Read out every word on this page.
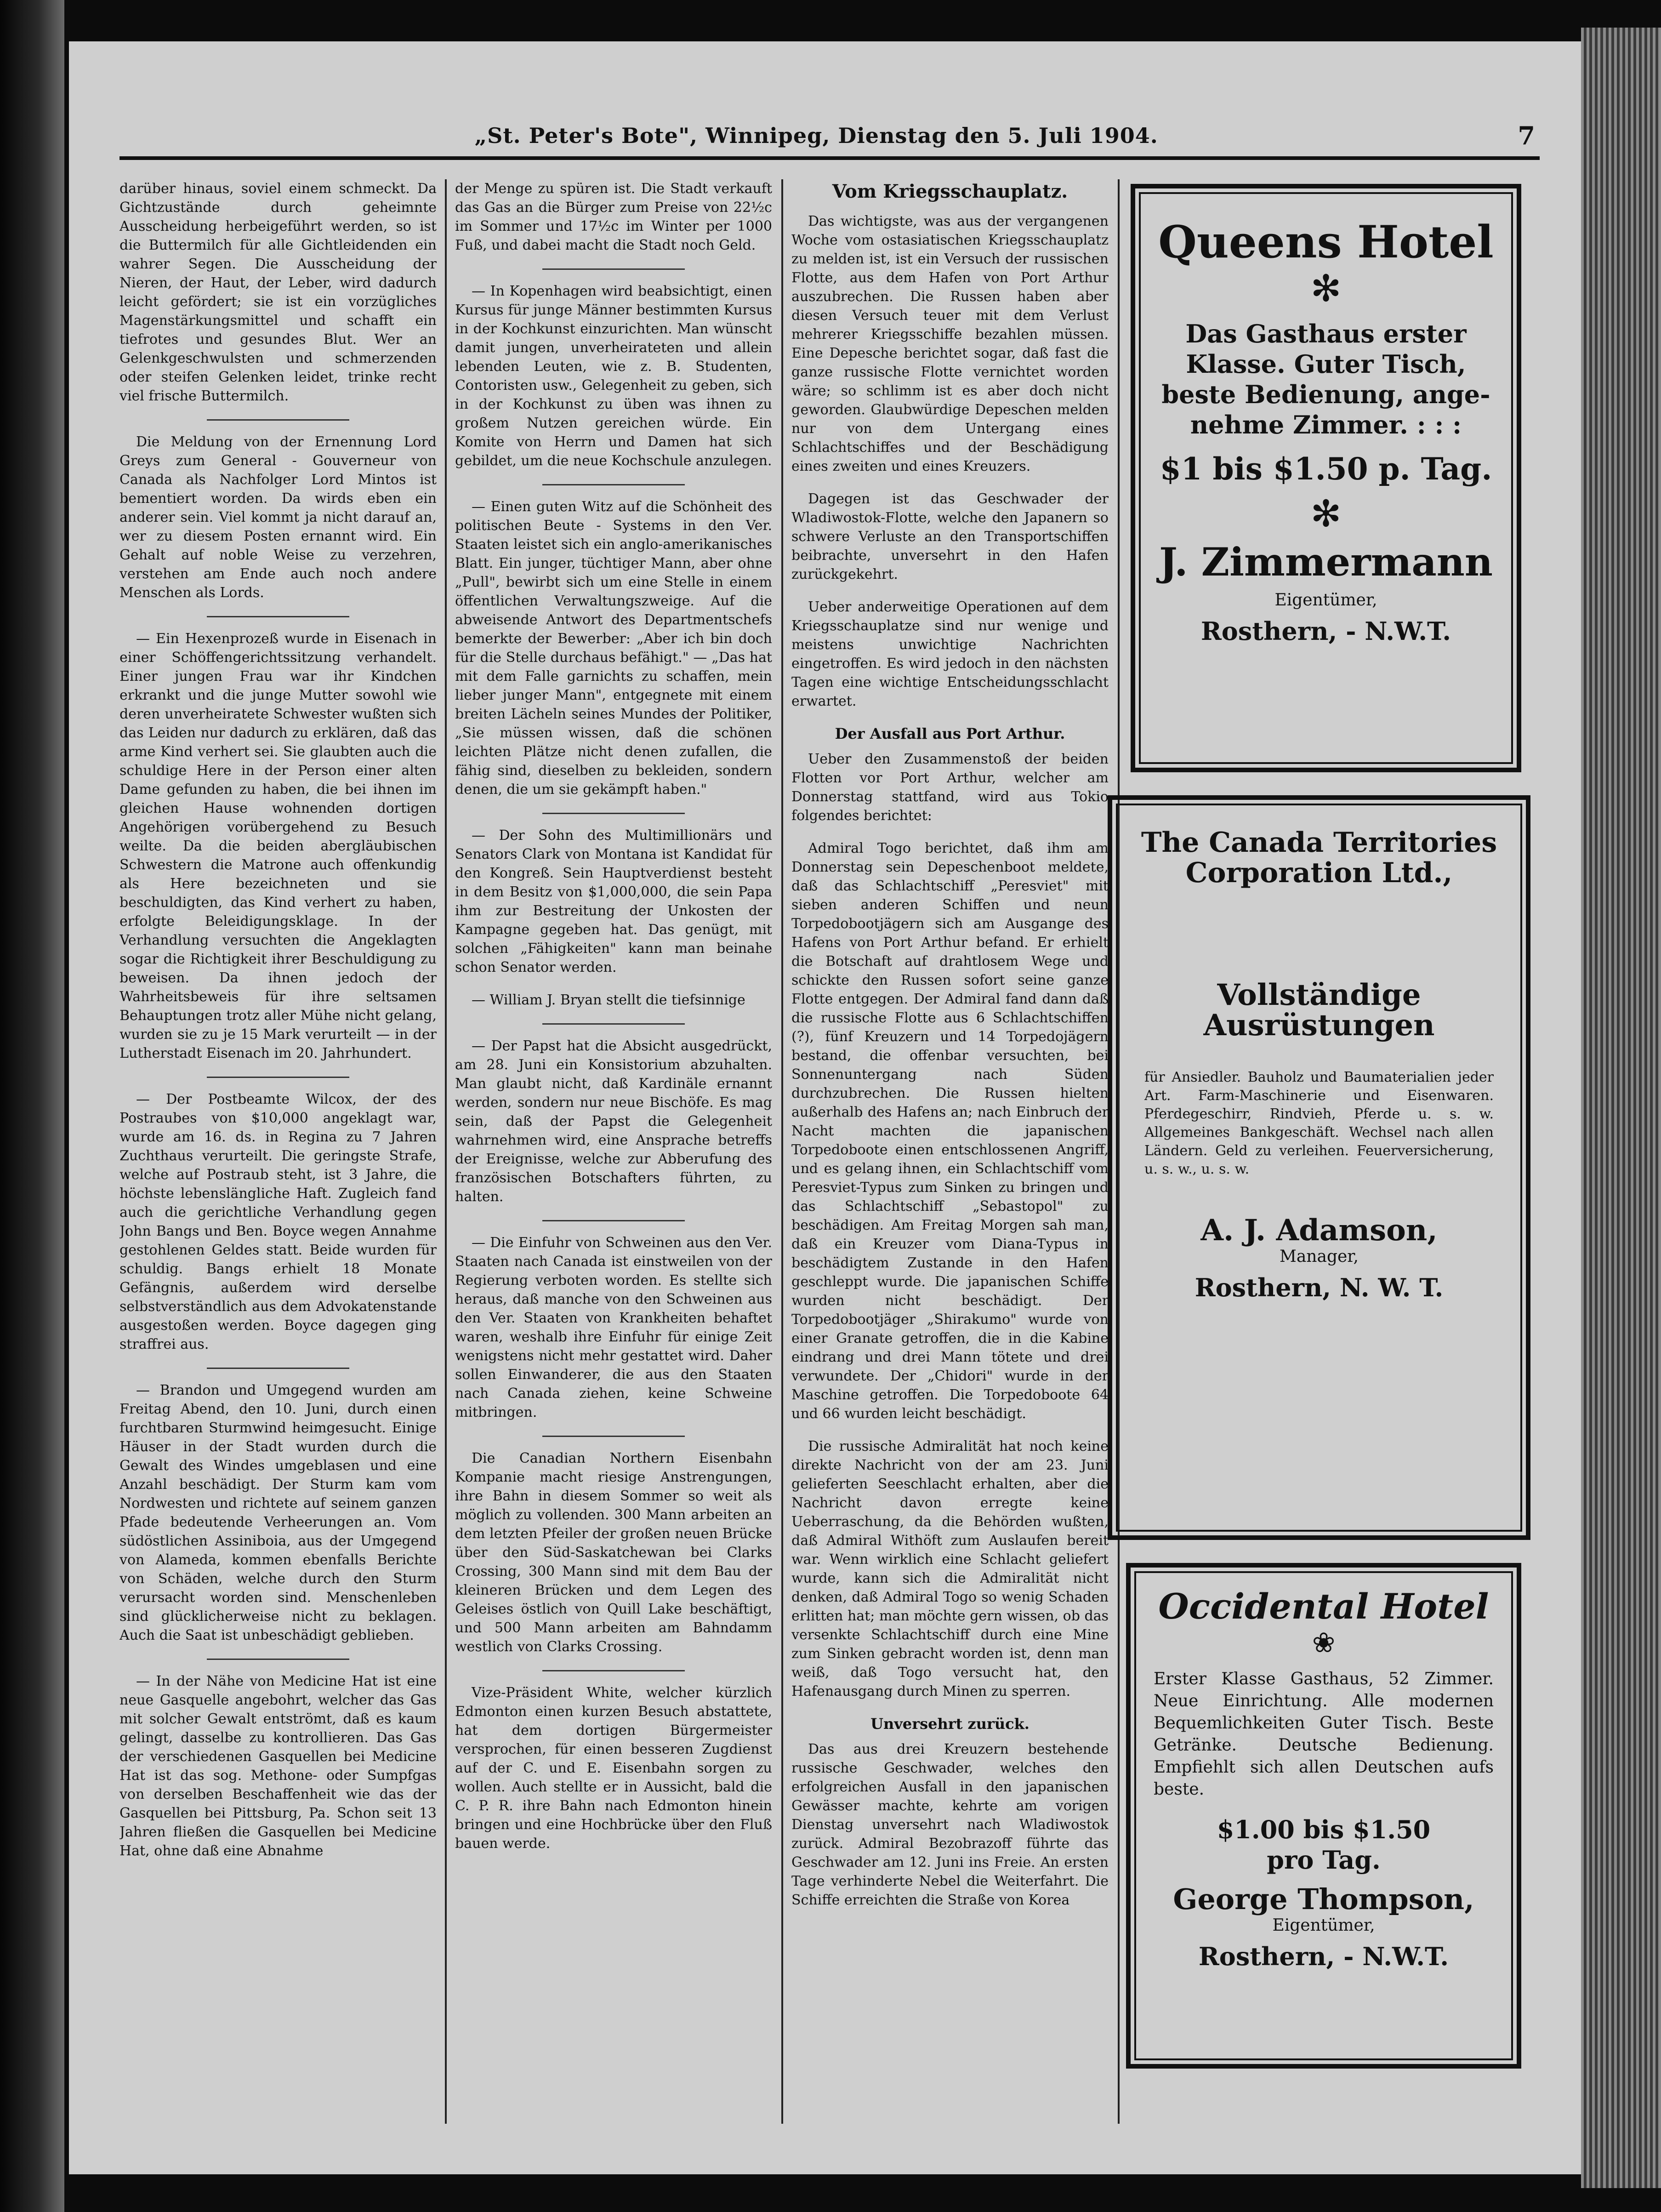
„St. Peter's Bote", Winnipeg, Dienstag den 5. Juli 1904.	7

darüber hinaus, soviel einem schmeckt. Da Gichtzustände durch geheimnte Ausscheidung herbeigeführt werden, so ist die Buttermilch für alle Gichtleidenden ein wahrer Segen. Die Ausscheidung der Nieren, der Haut, der Leber, wird dadurch leicht gefördert; sie ist ein vorzügliches Magenstärkungsmittel und schafft ein tiefrotes und gesundes Blut. Wer an Gelenkgeschwulsten und schmerzenden oder steifen Gelenken leidet, trinke recht viel frische Buttermilch.

Die Meldung von der Ernennung Lord Greys zum General - Gouverneur von Canada als Nachfolger Lord Mintos ist bementiert worden. Da wirds eben ein anderer sein. Viel kommt ja nicht darauf an, wer zu diesem Posten ernannt wird. Ein Gehalt auf noble Weise zu verzehren, verstehen am Ende auch noch andere Menschen als Lords.

— Ein Hexenprozeß wurde in Eisenach in einer Schöffengerichtssitzung verhandelt. Einer jungen Frau war ihr Kindchen erkrankt und die junge Mutter sowohl wie deren unverheiratete Schwester wußten sich das Leiden nur dadurch zu erklären, daß das arme Kind verhert sei. Sie glaubten auch die schuldige Here in der Person einer alten Dame gefunden zu haben, die bei ihnen im gleichen Hause wohnenden dortigen Angehörigen vorübergehend zu Besuch weilte. Da die beiden abergläubischen Schwestern die Matrone auch offenkundig als Here bezeichneten und sie beschuldigten, das Kind verhert zu haben, erfolgte Beleidigungsklage. In der Verhandlung versuchten die Angeklagten sogar die Richtigkeit ihrer Beschuldigung zu beweisen. Da ihnen jedoch der Wahrheitsbeweis für ihre seltsamen Behauptungen trotz aller Mühe nicht gelang, wurden sie zu je 15 Mark verurteilt — in der Lutherstadt Eisenach im 20. Jahrhundert.

— Der Postbeamte Wilcox, der des Postraubes von $10,000 angeklagt war, wurde am 16. ds. in Regina zu 7 Jahren Zuchthaus verurteilt. Die geringste Strafe, welche auf Postraub steht, ist 3 Jahre, die höchste lebenslängliche Haft. Zugleich fand auch die gerichtliche Verhandlung gegen John Bangs und Ben. Boyce wegen Annahme gestohlenen Geldes statt. Beide wurden für schuldig. Bangs erhielt 18 Monate Gefängnis, außerdem wird derselbe selbstverständlich aus dem Advokatenstande ausgestoßen werden. Boyce dagegen ging straffrei aus.

— Brandon und Umgegend wurden am Freitag Abend, den 10. Juni, durch einen furchtbaren Sturmwind heimgesucht. Einige Häuser in der Stadt wurden durch die Gewalt des Windes umgeblasen und eine Anzahl beschädigt. Der Sturm kam vom Nordwesten und richtete auf seinem ganzen Pfade bedeutende Verheerungen an. Vom südöstlichen Assiniboia, aus der Umgegend von Alameda, kommen ebenfalls Berichte von Schäden, welche durch den Sturm verursacht worden sind. Menschenleben sind glücklicherweise nicht zu beklagen. Auch die Saat ist unbeschädigt geblieben.

— In der Nähe von Medicine Hat ist eine neue Gasquelle angebohrt, welcher das Gas mit solcher Gewalt entströmt, daß es kaum gelingt, dasselbe zu kontrollieren. Das Gas der verschiedenen Gasquellen bei Medicine Hat ist das sog. Methone- oder Sumpfgas von derselben Beschaffenheit wie das der Gasquellen bei Pittsburg, Pa. Schon seit 13 Jahren fließen die Gasquellen bei Medicine Hat, ohne daß eine Abnahme

der Menge zu spüren ist. Die Stadt verkauft das Gas an die Bürger zum Preise von 22½c im Sommer und 17½c im Winter per 1000 Fuß, und dabei macht die Stadt noch Geld.

— In Kopenhagen wird beabsichtigt, einen Kursus für junge Männer bestimmten Kursus in der Kochkunst einzurichten. Man wünscht damit jungen, unverheirateten und allein lebenden Leuten, wie z. B. Studenten, Contoristen usw., Gelegenheit zu geben, sich in der Kochkunst zu üben was ihnen zu großem Nutzen gereichen würde. Ein Komite von Herrn und Damen hat sich gebildet, um die neue Kochschule anzulegen.

— Einen guten Witz auf die Schönheit des politischen Beute - Systems in den Ver. Staaten leistet sich ein anglo-amerikanisches Blatt. Ein junger, tüchtiger Mann, aber ohne „Pull", bewirbt sich um eine Stelle in einem öffentlichen Verwaltungszweige. Auf die abweisende Antwort des Departmentschefs bemerkte der Bewerber: „Aber ich bin doch für die Stelle durchaus befähigt." — „Das hat mit dem Falle garnichts zu schaffen, mein lieber junger Mann", entgegnete mit einem breiten Lächeln seines Mundes der Politiker, „Sie müssen wissen, daß die schönen leichten Plätze nicht denen zufallen, die fähig sind, dieselben zu bekleiden, sondern denen, die um sie gekämpft haben."

— Der Sohn des Multimillionärs und Senators Clark von Montana ist Kandidat für den Kongreß. Sein Hauptverdienst besteht in dem Besitz von $1,000,000, die sein Papa ihm zur Bestreitung der Unkosten der Kampagne gegeben hat. Das genügt, mit solchen „Fähigkeiten" kann man beinahe schon Senator werden.

— William J. Bryan stellt die tiefsinnige

— Der Papst hat die Absicht ausgedrückt, am 28. Juni ein Konsistorium abzuhalten. Man glaubt nicht, daß Kardinäle ernannt werden, sondern nur neue Bischöfe. Es mag sein, daß der Papst die Gelegenheit wahrnehmen wird, eine Ansprache betreffs der Ereignisse, welche zur Abberufung des französischen Botschafters führten, zu halten.

— Die Einfuhr von Schweinen aus den Ver. Staaten nach Canada ist einstweilen von der Regierung verboten worden. Es stellte sich heraus, daß manche von den Schweinen aus den Ver. Staaten von Krankheiten behaftet waren, weshalb ihre Einfuhr für einige Zeit wenigstens nicht mehr gestattet wird. Daher sollen Einwanderer, die aus den Staaten nach Canada ziehen, keine Schweine mitbringen.

Die Canadian Northern Eisenbahn Kompanie macht riesige Anstrengungen, ihre Bahn in diesem Sommer so weit als möglich zu vollenden. 300 Mann arbeiten an dem letzten Pfeiler der großen neuen Brücke über den Süd-Saskatchewan bei Clarks Crossing, 300 Mann sind mit dem Bau der kleineren Brücken und dem Legen des Geleises östlich von Quill Lake beschäftigt, und 500 Mann arbeiten am Bahndamm westlich von Clarks Crossing.

Vize-Präsident White, welcher kürzlich Edmonton einen kurzen Besuch abstattete, hat dem dortigen Bürgermeister versprochen, für einen besseren Zugdienst auf der C. und E. Eisenbahn sorgen zu wollen. Auch stellte er in Aussicht, bald die C. P. R. ihre Bahn nach Edmonton hinein bringen und eine Hochbrücke über den Fluß bauen werde.

Vom Kriegsschauplatz.

Das wichtigste, was aus der vergangenen Woche vom ostasiatischen Kriegsschauplatz zu melden ist, ist ein Versuch der russischen Flotte, aus dem Hafen von Port Arthur auszubrechen. Die Russen haben aber diesen Versuch teuer mit dem Verlust mehrerer Kriegsschiffe bezahlen müssen. Eine Depesche berichtet sogar, daß fast die ganze russische Flotte vernichtet worden wäre; so schlimm ist es aber doch nicht geworden. Glaubwürdige Depeschen melden nur von dem Untergang eines Schlachtschiffes und der Beschädigung eines zweiten und eines Kreuzers.

Dagegen ist das Geschwader der Wladiwostok-Flotte, welche den Japanern so schwere Verluste an den Transportschiffen beibrachte, unversehrt in den Hafen zurückgekehrt.

Ueber anderweitige Operationen auf dem Kriegsschauplatze sind nur wenige und meistens unwichtige Nachrichten eingetroffen. Es wird jedoch in den nächsten Tagen eine wichtige Entscheidungsschlacht erwartet.

Der Ausfall aus Port Arthur.

Ueber den Zusammenstoß der beiden Flotten vor Port Arthur, welcher am Donnerstag stattfand, wird aus Tokio folgendes berichtet:

Admiral Togo berichtet, daß ihm am Donnerstag sein Depeschenboot meldete, daß das Schlachtschiff „Peresviet" mit sieben anderen Schiffen und neun Torpedobootjägern sich am Ausgange des Hafens von Port Arthur befand. Er erhielt die Botschaft auf drahtlosem Wege und schickte den Russen sofort seine ganze Flotte entgegen. Der Admiral fand dann daß die russische Flotte aus 6 Schlachtschiffen (?), fünf Kreuzern und 14 Torpedojägern bestand, die offenbar versuchten, bei Sonnenuntergang nach Süden durchzubrechen. Die Russen hielten außerhalb des Hafens an; nach Einbruch der Nacht machten die japanischen Torpedoboote einen entschlossenen Angriff, und es gelang ihnen, ein Schlachtschiff vom Peresviet-Typus zum Sinken zu bringen und das Schlachtschiff „Sebastopol" zu beschädigen. Am Freitag Morgen sah man, daß ein Kreuzer vom Diana-Typus in beschädigtem Zustande in den Hafen geschleppt wurde. Die japanischen Schiffe wurden nicht beschädigt. Der Torpedobootjäger „Shirakumo" wurde von einer Granate getroffen, die in die Kabine eindrang und drei Mann tötete und drei verwundete. Der „Chidori" wurde in der Maschine getroffen. Die Torpedoboote 64 und 66 wurden leicht beschädigt.

Die russische Admiralität hat noch keine direkte Nachricht von der am 23. Juni gelieferten Seeschlacht erhalten, aber die Nachricht davon erregte keine Ueberraschung, da die Behörden wußten, daß Admiral Withöft zum Auslaufen bereit war. Wenn wirklich eine Schlacht geliefert wurde, kann sich die Admiralität nicht denken, daß Admiral Togo so wenig Schaden erlitten hat; man möchte gern wissen, ob das versenkte Schlachtschiff durch eine Mine zum Sinken gebracht worden ist, denn man weiß, daß Togo versucht hat, den Hafenausgang durch Minen zu sperren.

Unversehrt zurück.

Das aus drei Kreuzern bestehende russische Geschwader, welches den erfolgreichen Ausfall in den japanischen Gewässer machte, kehrte am vorigen Dienstag unversehrt nach Wladiwostok zurück. Admiral Bezobrazoff führte das Geschwader am 12. Juni ins Freie. An ersten Tage verhinderte Nebel die Weiterfahrt. Die Schiffe erreichten die Straße von Korea

Queens Hotel
✻
Das Gasthaus erster
Klasse. Guter Tisch,
beste Bedienung, ange-
nehme Zimmer. : : :
$1 bis $1.50 p. Tag.
✻
J. Zimmermann
Eigentümer,
Rosthern, - N.W.T.
The Canada Territories
Corporation Ltd.,
Vollständige
Ausrüstungen
für Ansiedler. Bauholz und Baumaterialien jeder Art. Farm-Maschinerie und Eisenwaren. Pferdegeschirr, Rindvieh, Pferde u. s. w. Allgemeines Bankgeschäft. Wechsel nach allen Ländern. Geld zu verleihen. Feuerversicherung, u. s. w., u. s. w.
A. J. Adamson,
Manager,
Rosthern, N. W. T.
Occidental Hotel
❀
Erster Klasse Gasthaus, 52 Zimmer. Neue Einrichtung. Alle modernen Bequemlichkeiten Guter Tisch. Beste Getränke. Deutsche Bedienung. Empfiehlt sich allen Deutschen aufs beste.
$1.00 bis $1.50
pro Tag.
George Thompson,
Eigentümer,
Rosthern, - N.W.T.
